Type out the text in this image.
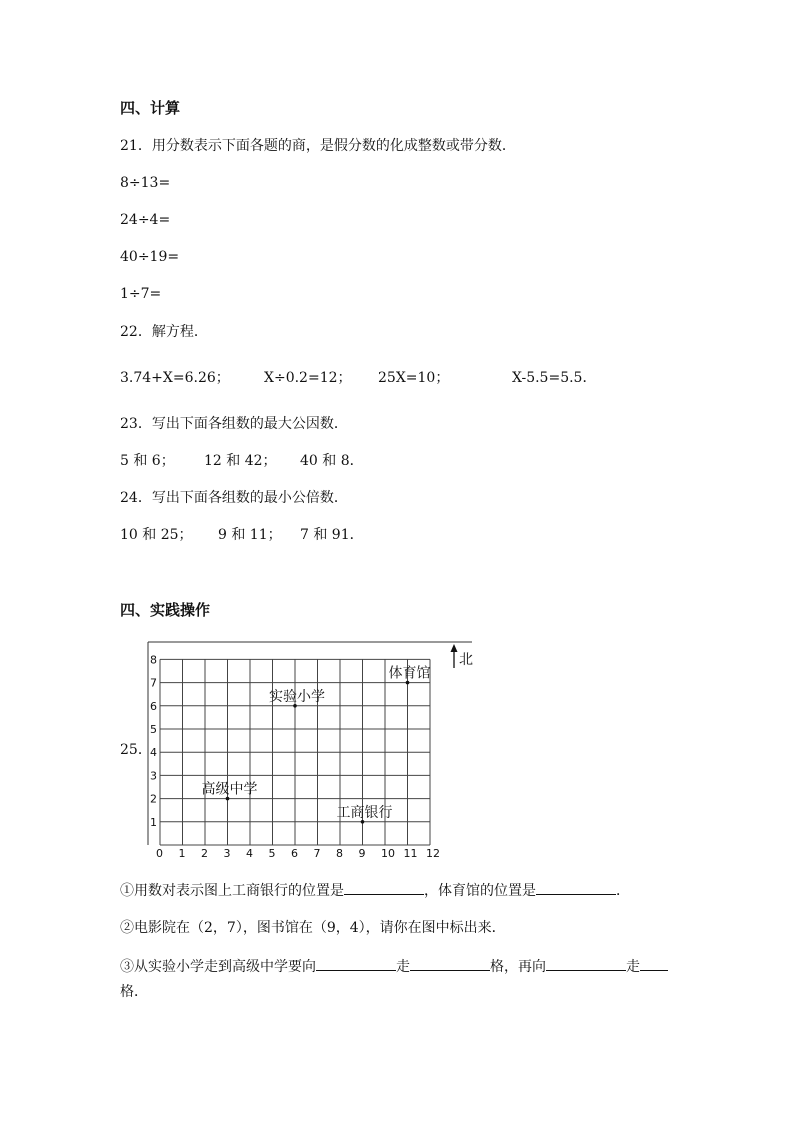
四、计算
21．用分数表示下面各题的商，是假分数的化成整数或带分数．
8÷13=
24÷4=
40÷19=
1÷7=
22．解方程．
3.74+X=6.26； X÷0.2=12； 25X=10；	X-5.5=5.5．
23．写出下面各组数的最大公因数．
5 和 6； 12 和 42； 40 和 8．
24．写出下面各组数的最小公倍数．
10 和 25； 9 和 11； 7 和 91．
四、实践操作
25．
0 1 2 3 4 5 6 7 8 9 10 11 12
1
2
3
4
5
6
7
8	北
实验小学
体育馆
高级中学
工商银行
①用数对表示图上工商银行的位置是	，体育馆的位置是	．
②电影院在（2，7），图书馆在（9，4），请你在图中标出来．
③从实验小学走到高级中学要向	走	格，再向	走
格．
